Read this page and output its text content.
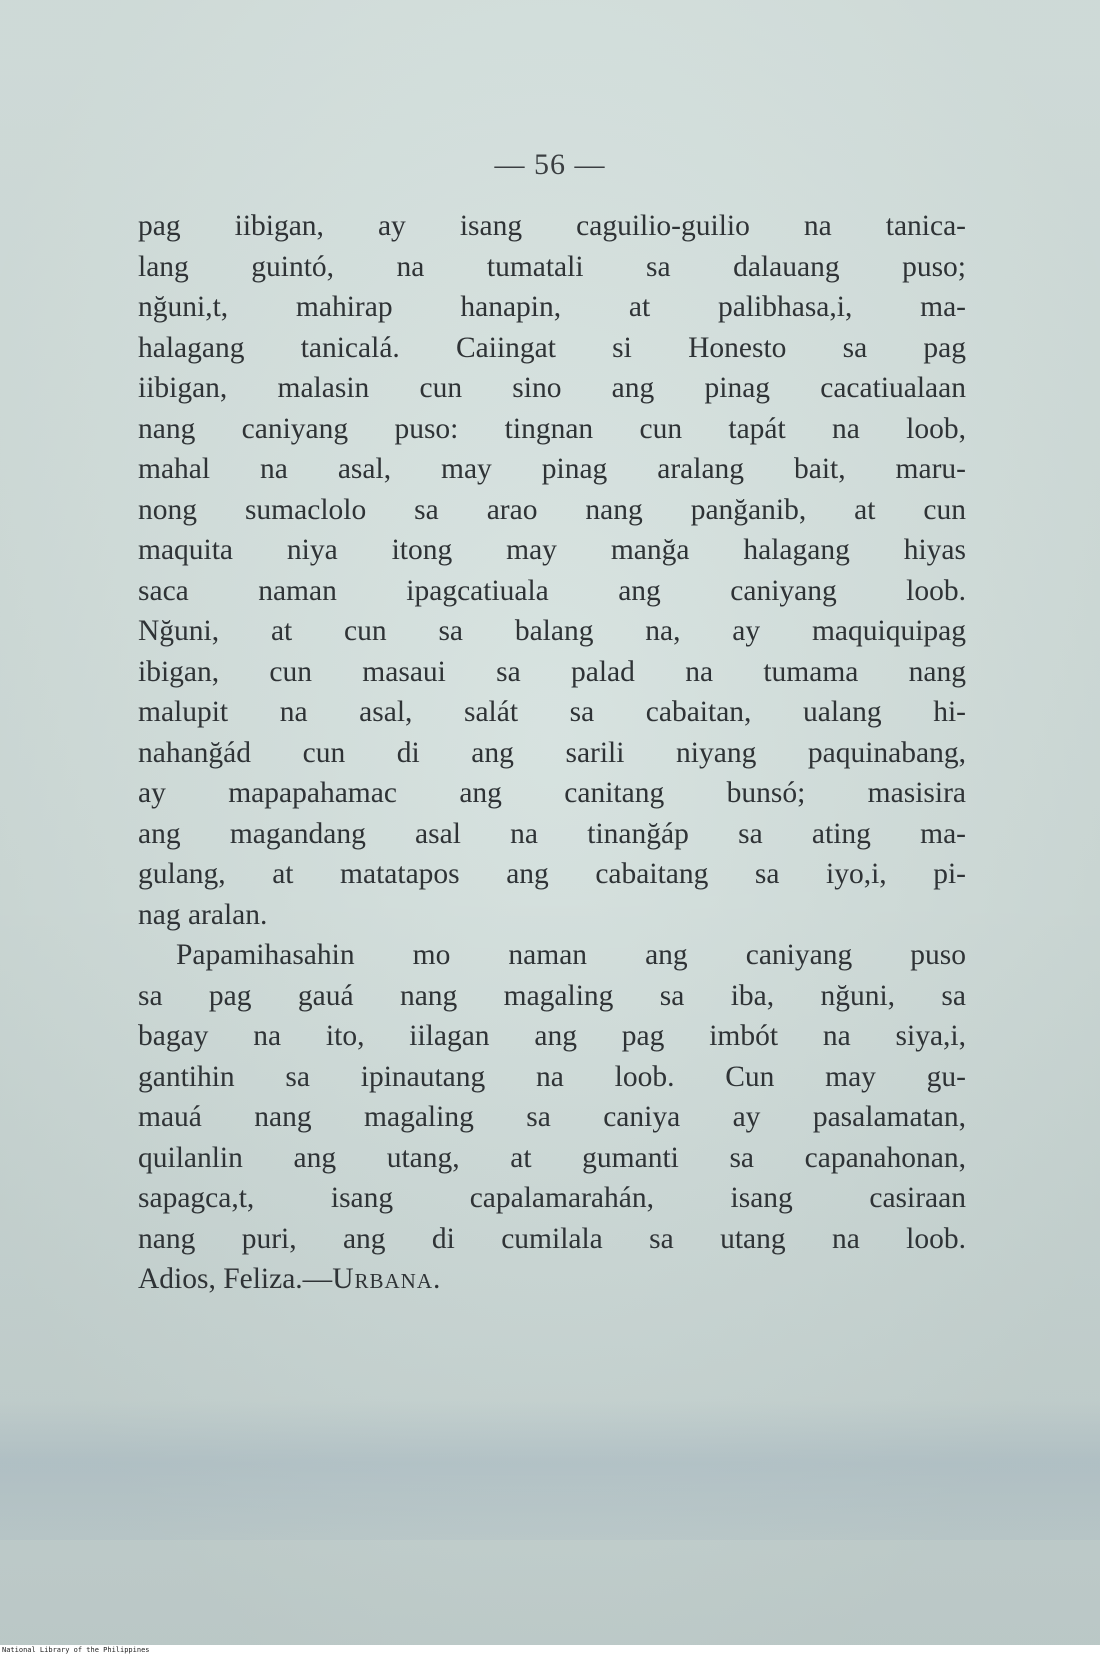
— 56 —
pag iibigan, ay isang caguilio-guilio na tanica-
lang guintó, na tumatali sa dalauang puso;
nğuni,t, mahirap hanapin, at palibhasa,i, ma-
halagang tanicalá. Caiingat si Honesto sa pag
iibigan, malasin cun sino ang pinag cacatiualaan
nang caniyang puso: tingnan cun tapát na loob,
mahal na asal, may pinag aralang bait, maru-
nong sumaclolo sa arao nang panğanib, at cun
maquita niya itong may manğa halagang hiyas
saca naman ipagcatiuala ang caniyang loob.
Nğuni, at cun sa balang na, ay maquiquipag
ibigan, cun masaui sa palad na tumama nang
malupit na asal, salát sa cabaitan, ualang hi-
nahanğád cun di ang sarili niyang paquinabang,
ay mapapahamac ang canitang bunsó; masisira
ang magandang asal na tinanğáp sa ating ma-
gulang, at matatapos ang cabaitang sa iyo,i, pi-
nag aralan.
Papamihasahin mo naman ang caniyang puso
sa pag gauá nang magaling sa iba, nğuni, sa
bagay na ito, iilagan ang pag imbót na siya,i,
gantihin sa ipinautang na loob. Cun may gu-
mauá nang magaling sa caniya ay pasalamatan,
quilanlin ang utang, at gumanti sa capanahonan,
sapagca,t, isang capalamarahán, isang casiraan
nang puri, ang di cumilala sa utang na loob.
Adios, Feliza.—Urbana.
National Library of the Philippines
